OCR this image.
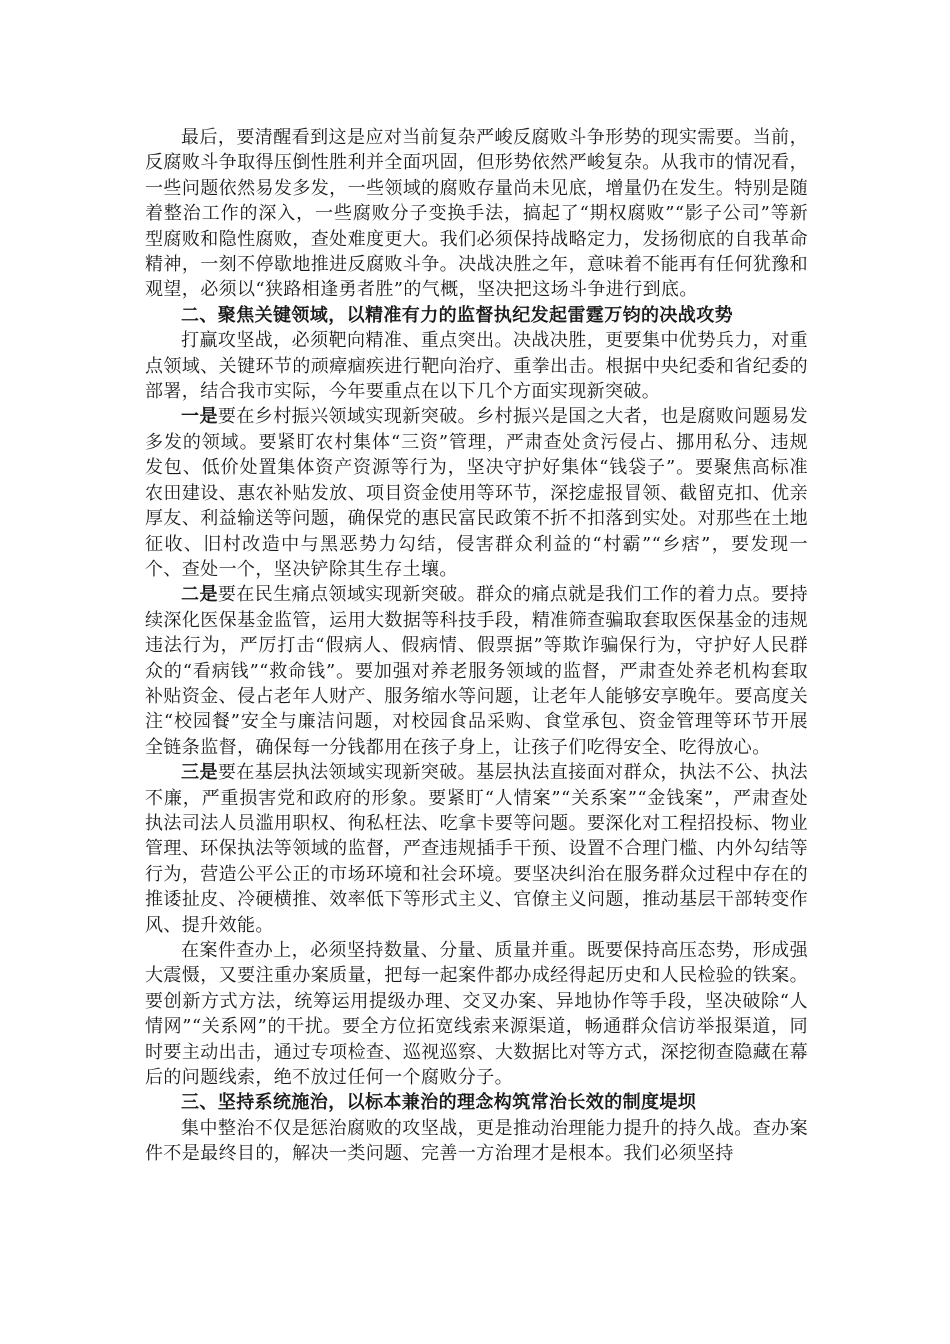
最后，要清醒看到这是应对当前复杂严峻反腐败斗争形势的现实需要。当前，反腐败斗争取得压倒性胜利并全面巩固，但形势依然严峻复杂。从我市的情况看，一些问题依然易发多发，一些领域的腐败存量尚未见底，增量仍在发生。特别是随着整治工作的深入，一些腐败分子变换手法，搞起了“期权腐败”“影子公司”等新型腐败和隐性腐败，查处难度更大。我们必须保持战略定力，发扬彻底的自我革命精神，一刻不停歇地推进反腐败斗争。决战决胜之年，意味着不能再有任何犹豫和观望，必须以“狭路相逢勇者胜”的气概，坚决把这场斗争进行到底。

二、聚焦关键领域，以精准有力的监督执纪发起雷霆万钧的决战攻势

打赢攻坚战，必须靶向精准、重点突出。决战决胜，更要集中优势兵力，对重点领域、关键环节的顽瘴痼疾进行靶向治疗、重拳出击。根据中央纪委和省纪委的部署，结合我市实际，今年要重点在以下几个方面实现新突破。

一是要在乡村振兴领域实现新突破。乡村振兴是国之大者，也是腐败问题易发多发的领域。要紧盯农村集体“三资”管理，严肃查处贪污侵占、挪用私分、违规发包、低价处置集体资产资源等行为，坚决守护好集体“钱袋子”。要聚焦高标准农田建设、惠农补贴发放、项目资金使用等环节，深挖虚报冒领、截留克扣、优亲厚友、利益输送等问题，确保党的惠民富民政策不折不扣落到实处。对那些在土地征收、旧村改造中与黑恶势力勾结，侵害群众利益的“村霸”“乡痞”，要发现一个、查处一个，坚决铲除其生存土壤。

二是要在民生痛点领域实现新突破。群众的痛点就是我们工作的着力点。要持续深化医保基金监管，运用大数据等科技手段，精准筛查骗取套取医保基金的违规违法行为，严厉打击“假病人、假病情、假票据”等欺诈骗保行为，守护好人民群众的“看病钱”“救命钱”。要加强对养老服务领域的监督，严肃查处养老机构套取补贴资金、侵占老年人财产、服务缩水等问题，让老年人能够安享晚年。要高度关注“校园餐”安全与廉洁问题，对校园食品采购、食堂承包、资金管理等环节开展全链条监督，确保每一分钱都用在孩子身上，让孩子们吃得安全、吃得放心。

三是要在基层执法领域实现新突破。基层执法直接面对群众，执法不公、执法不廉，严重损害党和政府的形象。要紧盯“人情案”“关系案”“金钱案”，严肃查处执法司法人员滥用职权、徇私枉法、吃拿卡要等问题。要深化对工程招投标、物业管理、环保执法等领域的监督，严查违规插手干预、设置不合理门槛、内外勾结等行为，营造公平公正的市场环境和社会环境。要坚决纠治在服务群众过程中存在的推诿扯皮、冷硬横推、效率低下等形式主义、官僚主义问题，推动基层干部转变作风、提升效能。

在案件查办上，必须坚持数量、分量、质量并重。既要保持高压态势，形成强大震慑，又要注重办案质量，把每一起案件都办成经得起历史和人民检验的铁案。要创新方式方法，统筹运用提级办理、交叉办案、异地协作等手段，坚决破除“人情网”“关系网”的干扰。要全方位拓宽线索来源渠道，畅通群众信访举报渠道，同时要主动出击，通过专项检查、巡视巡察、大数据比对等方式，深挖彻查隐藏在幕后的问题线索，绝不放过任何一个腐败分子。

三、坚持系统施治，以标本兼治的理念构筑常治长效的制度堤坝

集中整治不仅是惩治腐败的攻坚战，更是推动治理能力提升的持久战。查办案件不是最终目的，解决一类问题、完善一方治理才是根本。我们必须坚持
